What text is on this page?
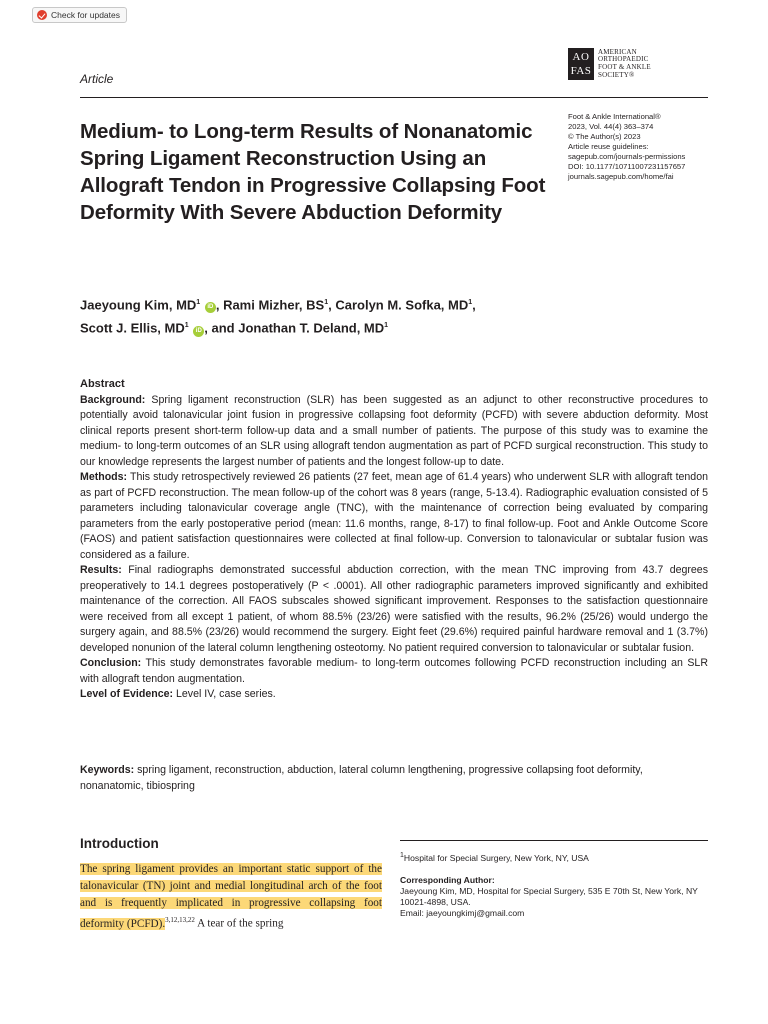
Check for updates
Article
AO
FAS
AMERICAN
ORTHOPAEDIC
FOOT & ANKLE
SOCIETY®
Foot & Ankle International®
2023, Vol. 44(4) 363–374
© The Author(s) 2023
Article reuse guidelines:
sagepub.com/journals-permissions
DOI: 10.1177/10711007231157657
journals.sagepub.com/home/fai
Medium- to Long-term Results of Nonanatomic Spring Ligament Reconstruction Using an Allograft Tendon in Progressive Collapsing Foot Deformity With Severe Abduction Deformity
Jaeyoung Kim, $MD^1$ iD , Rami Mizher, $BS^1$, Carolyn M. Sofka, $MD^1$,
Scott J. Ellis, $MD^1$ iD , and Jonathan T. Deland, $MD^1$

Abstract

Background: Spring ligament reconstruction (SLR) has been suggested as an adjunct to other reconstructive procedures to potentially avoid talonavicular joint fusion in progressive collapsing foot deformity (PCFD) with severe abduction deformity. Most clinical reports present short-term follow-up data and a small number of patients. The purpose of this study was to examine the medium- to long-term outcomes of an SLR using allograft tendon augmentation as part of PCFD surgical reconstruction. This study to our knowledge represents the largest number of patients and the longest follow-up to date.

Methods: This study retrospectively reviewed 26 patients (27 feet, mean age of 61.4 years) who underwent SLR with allograft tendon as part of PCFD reconstruction. The mean follow-up of the cohort was 8 years (range, 5-13.4). Radiographic evaluation consisted of 5 parameters including talonavicular coverage angle (TNC), with the maintenance of correction being evaluated by comparing parameters from the early postoperative period (mean: 11.6 months, range, 8-17) to final follow-up. Foot and Ankle Outcome Score (FAOS) and patient satisfaction questionnaires were collected at final follow-up. Conversion to talonavicular or subtalar fusion was considered as a failure.

Results: Final radiographs demonstrated successful abduction correction, with the mean TNC improving from 43.7 degrees preoperatively to 14.1 degrees postoperatively (P < .0001). All other radiographic parameters improved significantly and exhibited maintenance of the correction. All FAOS subscales showed significant improvement. Responses to the satisfaction questionnaire were received from all except 1 patient, of whom 88.5% (23/26) were satisfied with the results, 96.2% (25/26) would undergo the surgery again, and 88.5% (23/26) would recommend the surgery. Eight feet (29.6%) required painful hardware removal and 1 (3.7%) developed nonunion of the lateral column lengthening osteotomy. No patient required conversion to talonavicular or subtalar fusion.

Conclusion: This study demonstrates favorable medium- to long-term outcomes following PCFD reconstruction including an SLR with allograft tendon augmentation.

Level of Evidence: Level IV, case series.

Keywords: spring ligament, reconstruction, abduction, lateral column lengthening, progressive collapsing foot deformity, nonanatomic, tibiospring
Introduction
The spring ligament provides an important static support of the talonavicular (TN) joint and medial longitudinal arch of the foot and is frequently implicated in progressive collapsing foot deformity (PCFD).$^{3,12,13,22}$ A tear of the spring

$^1$Hospital for Special Surgery, New York, NY, USA

Corresponding Author:

Jaeyoung Kim, MD, Hospital for Special Surgery, 535 E 70th St, New York, NY 10021-4898, USA.

Email: jaeyoungkimj@gmail.com
